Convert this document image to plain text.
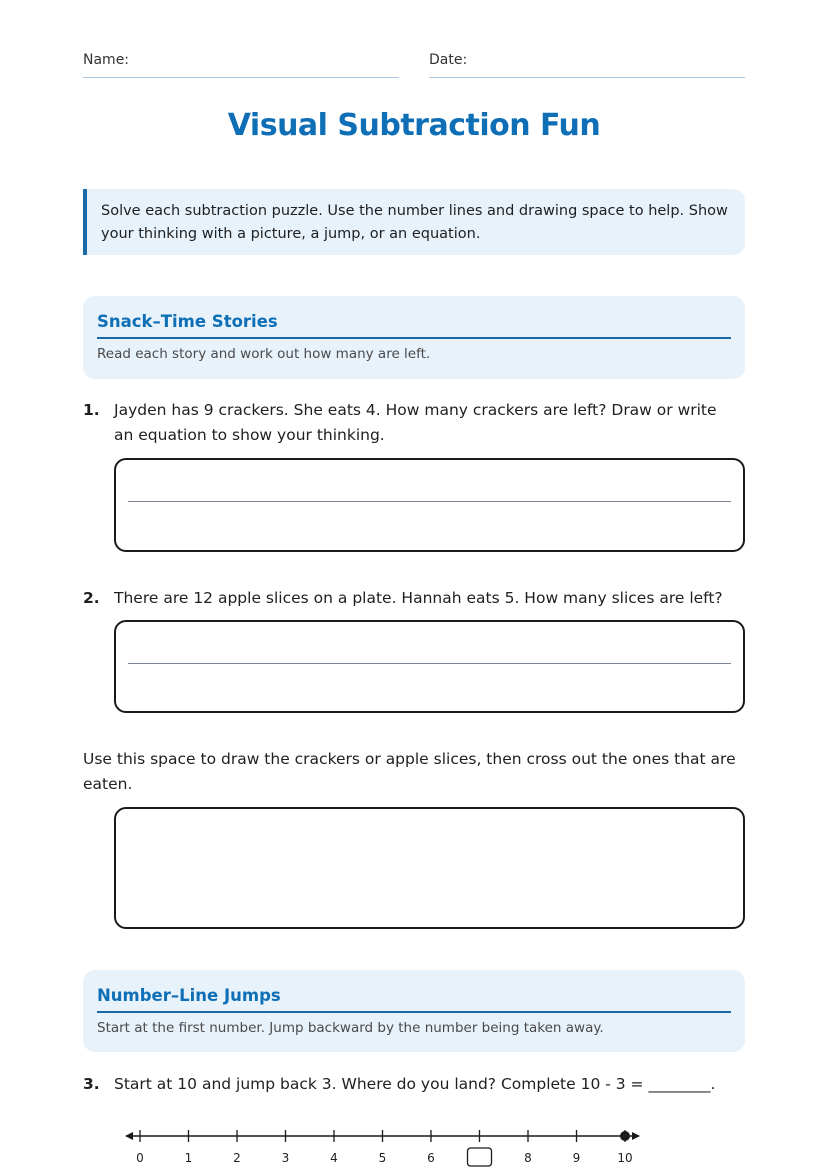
Name:	Date:
Visual Subtraction Fun
Solve each subtraction puzzle. Use the number lines and drawing space to help. Show your thinking with a picture, a jump, or an equation.
Snack–Time Stories
Read each story and work out how many are left.
1. Jayden has 9 crackers. She eats 4. How many crackers are left? Draw or write an equation to show your thinking.
2. There are 12 apple slices on a plate. Hannah eats 5. How many slices are left?
Use this space to draw the crackers or apple slices, then cross out the ones that are eaten.
Number–Line Jumps
Start at the first number. Jump backward by the number being taken away.
3. Start at 10 and jump back 3. Where do you land? Complete 10 - 3 = ________.
0	1	2	3	4	5	6	8	9	10
